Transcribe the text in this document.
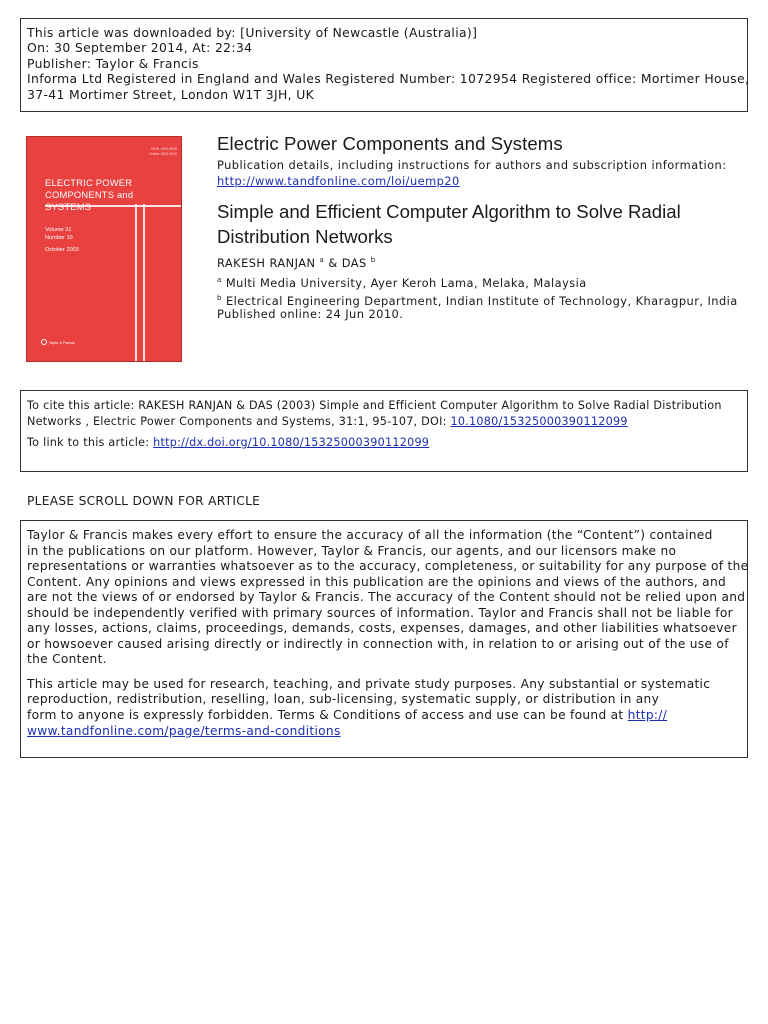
This article was downloaded by: [University of Newcastle (Australia)]
On: 30 September 2014, At: 22:34
Publisher: Taylor & Francis
Informa Ltd Registered in England and Wales Registered Number: 1072954 Registered office: Mortimer House,
37-41 Mortimer Street, London W1T 3JH, UK
ISSN 1532-5008
Online 1532-5016
ELECTRIC POWER
COMPONENTS and
Volume 31
Number 10
October 2003
Taylor & Francis
Electric Power Components and Systems
Publication details, including instructions for authors and subscription information:
http://www.tandfonline.com/loi/uemp20
Simple and Efficient Computer Algorithm to Solve Radial Distribution Networks
RAKESH RANJAN $^a$ & DAS $^b$
$^a$ Multi Media University, Ayer Keroh Lama, Melaka, Malaysia
$^b$ Electrical Engineering Department, Indian Institute of Technology, Kharagpur, India
Published online: 24 Jun 2010.
To cite this article: RAKESH RANJAN & DAS (2003) Simple and Efficient Computer Algorithm to Solve Radial Distribution
Networks , Electric Power Components and Systems, 31:1, 95-107, DOI: 10.1080/15325000390112099
To link to this article: http://dx.doi.org/10.1080/15325000390112099
PLEASE SCROLL DOWN FOR ARTICLE

Taylor & Francis makes every effort to ensure the accuracy of all the information (the “Content”) contained
in the publications on our platform. However, Taylor & Francis, our agents, and our licensors make no
representations or warranties whatsoever as to the accuracy, completeness, or suitability for any purpose of the
Content. Any opinions and views expressed in this publication are the opinions and views of the authors, and
are not the views of or endorsed by Taylor & Francis. The accuracy of the Content should not be relied upon and
should be independently verified with primary sources of information. Taylor and Francis shall not be liable for
any losses, actions, claims, proceedings, demands, costs, expenses, damages, and other liabilities whatsoever
or howsoever caused arising directly or indirectly in connection with, in relation to or arising out of the use of
the Content.

This article may be used for research, teaching, and private study purposes. Any substantial or systematic
reproduction, redistribution, reselling, loan, sub-licensing, systematic supply, or distribution in any
form to anyone is expressly forbidden. Terms & Conditions of access and use can be found at http://
www.tandfonline.com/page/terms-and-conditions
